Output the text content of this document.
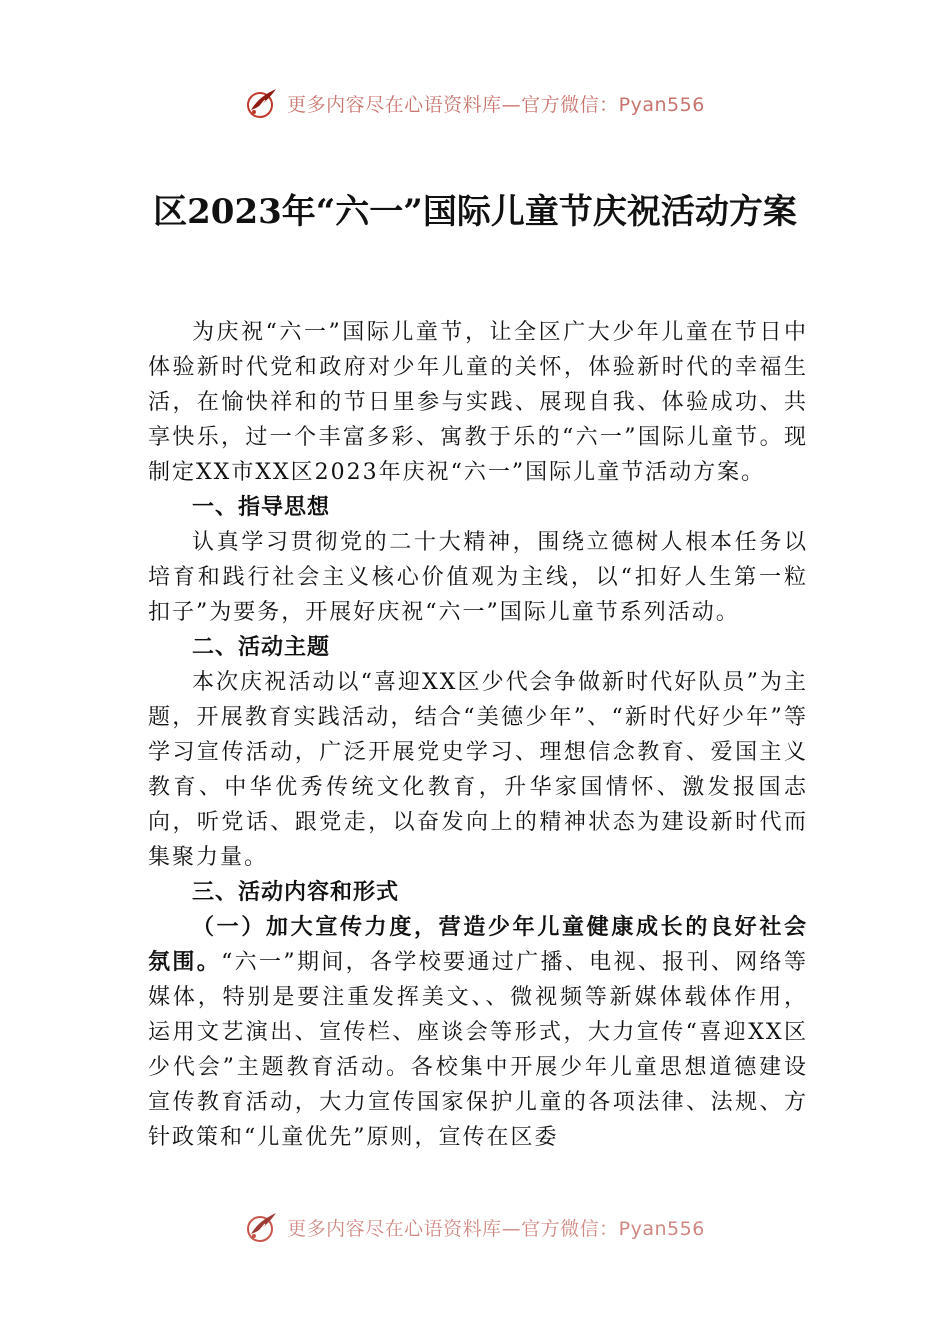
更多内容尽在心语资料库—官方微信：Pyan556
区2023年“六一”国际儿童节庆祝活动方案

为庆祝“六一”国际儿童节，让全区广大少年儿童在节日中体验新时代党和政府对少年儿童的关怀，体验新时代的幸福生活，在愉快祥和的节日里参与实践、展现自我、体验成功、共享快乐，过一个丰富多彩、寓教于乐的“六一”国际儿童节。现制定XX市XX区2023年庆祝“六一”国际儿童节活动方案。

一、指导思想

认真学习贯彻党的二十大精神，围绕立德树人根本任务以培育和践行社会主义核心价值观为主线，以“扣好人生第一粒扣子”为要务，开展好庆祝“六一”国际儿童节系列活动。

二、活动主题

本次庆祝活动以“喜迎XX区少代会争做新时代好队员”为主题，开展教育实践活动，结合“美德少年”、“新时代好少年”等学习宣传活动，广泛开展党史学习、理想信念教育、爱国主义教育、中华优秀传统文化教育，升华家国情怀、激发报国志向，听党话、跟党走，以奋发向上的精神状态为建设新时代而集聚力量。

三、活动内容和形式

（一）加大宣传力度，营造少年儿童健康成长的良好社会氛围。“六一”期间，各学校要通过广播、电视、报刊、网络等媒体，特别是要注重发挥美文、、微视频等新媒体载体作用，运用文艺演出、宣传栏、座谈会等形式，大力宣传“喜迎XX区少代会”主题教育活动。各校集中开展少年儿童思想道德建设宣传教育活动，大力宣传国家保护儿童的各项法律、法规、方针政策和“儿童优先”原则，宣传在区委

更多内容尽在心语资料库—官方微信：Pyan556
